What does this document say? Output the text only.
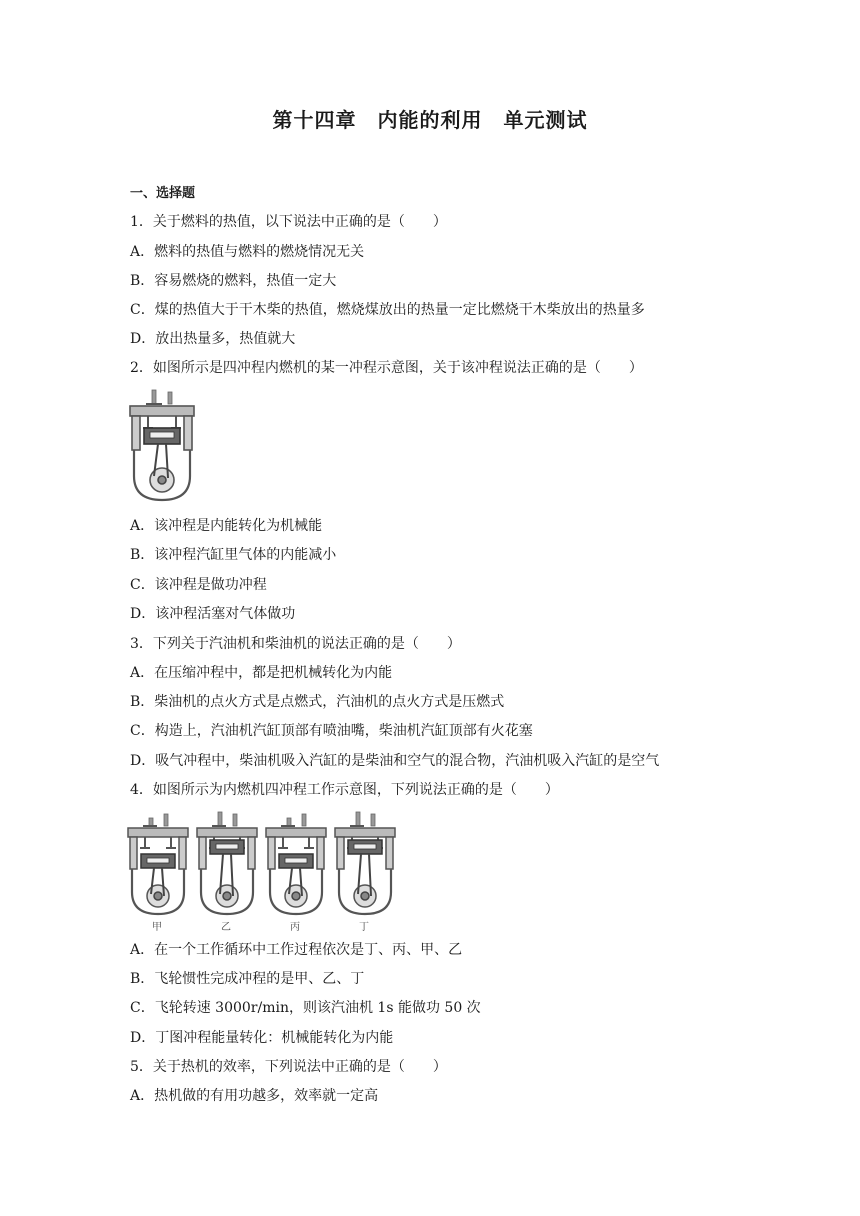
第十四章　内能的利用　单元测试
一、选择题
1．关于燃料的热值，以下说法中正确的是（　　）
A．燃料的热值与燃料的燃烧情况无关
B．容易燃烧的燃料，热值一定大
C．煤的热值大于干木柴的热值，燃烧煤放出的热量一定比燃烧干木柴放出的热量多
D．放出热量多，热值就大
2．如图所示是四冲程内燃机的某一冲程示意图，关于该冲程说法正确的是（　　）
A．该冲程是内能转化为机械能
B．该冲程汽缸里气体的内能减小
C．该冲程是做功冲程
D．该冲程活塞对气体做功
3．下列关于汽油机和柴油机的说法正确的是（　　）
A．在压缩冲程中，都是把机械转化为内能
B．柴油机的点火方式是点燃式，汽油机的点火方式是压燃式
C．构造上，汽油机汽缸顶部有喷油嘴，柴油机汽缸顶部有火花塞
D．吸气冲程中，柴油机吸入汽缸的是柴油和空气的混合物，汽油机吸入汽缸的是空气
4．如图所示为内燃机四冲程工作示意图，下列说法正确的是（　　）
甲	乙	丙	丁
A．在一个工作循环中工作过程依次是丁、丙、甲、乙
B．飞轮惯性完成冲程的是甲、乙、丁
C．飞轮转速 3000r/min，则该汽油机 1s 能做功 50 次
D．丁图冲程能量转化：机械能转化为内能
5．关于热机的效率，下列说法中正确的是（　　）
A．热机做的有用功越多，效率就一定高
